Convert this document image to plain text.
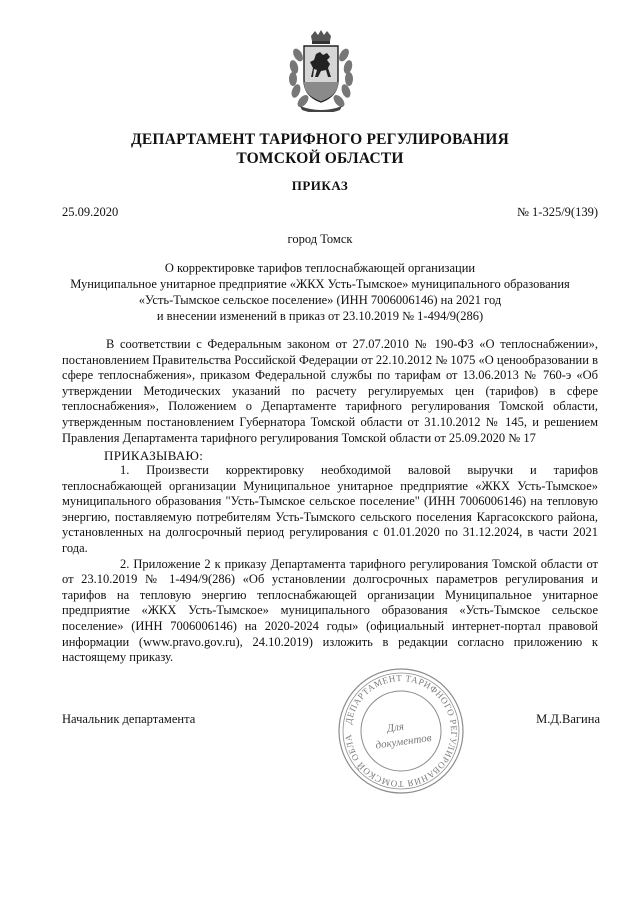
ДЕПАРТАМЕНТ ТАРИФНОГО РЕГУЛИРОВАНИЯ
ТОМСКОЙ ОБЛАСТИ
ПРИКАЗ
25.09.2020	№ 1-325/9(139)
город Томск
О корректировке тарифов теплоснабжающей организации
Муниципальное унитарное предприятие «ЖКХ Усть-Тымское» муниципального образования
«Усть-Тымское сельское поселение» (ИНН 7006006146) на 2021 год
и внесении изменений в приказ от 23.10.2019 № 1-494/9(286)
В соответствии с Федеральным законом от 27.07.2010 № 190-ФЗ «О теплоснабжении», постановлением Правительства Российской Федерации от 22.10.2012 № 1075 «О ценообразовании в сфере теплоснабжения», приказом Федеральной службы по тарифам от 13.06.2013 № 760-э «Об утверждении Методических указаний по расчету регулируемых цен (тарифов) в сфере теплоснабжения», Положением о Департаменте тарифного регулирования Томской области, утвержденным постановлением Губернатора Томской области от 31.10.2012 № 145, и решением Правления Департамента тарифного регулирования Томской области от 25.09.2020 № 17
ПРИКАЗЫВАЮ:

1. Произвести корректировку необходимой валовой выручки и тарифов теплоснабжающей организации Муниципальное унитарное предприятие «ЖКХ Усть-Тымское» муниципального образования "Усть-Тымское сельское поселение" (ИНН 7006006146) на тепловую энергию, поставляемую потребителям Усть-Тымского сельского поселения Каргасокского района, установленных на долгосрочный период регулирования с 01.01.2020 по 31.12.2024, в части 2021 года.

2. Приложение 2 к приказу Департамента тарифного регулирования Томской области от от 23.10.2019 № 1-494/9(286) «Об установлении долгосрочных параметров регулирования и тарифов на тепловую энергию теплоснабжающей организации Муниципальное унитарное предприятие «ЖКХ Усть-Тымское» муниципального образования «Усть-Тымское сельское поселение» (ИНН 7006006146) на 2020-2024 годы» (официальный интернет-портал правовой информации (www.pravo.gov.ru), 24.10.2019) изложить в редакции согласно приложению к настоящему приказу.

ДЕПАРТАМЕНТ ТАРИФНОГО РЕГУЛИРОВАНИЯ ТОМСКОЙ ОБЛА
Для
документов
Начальник департамента	М.Д.Вагина
